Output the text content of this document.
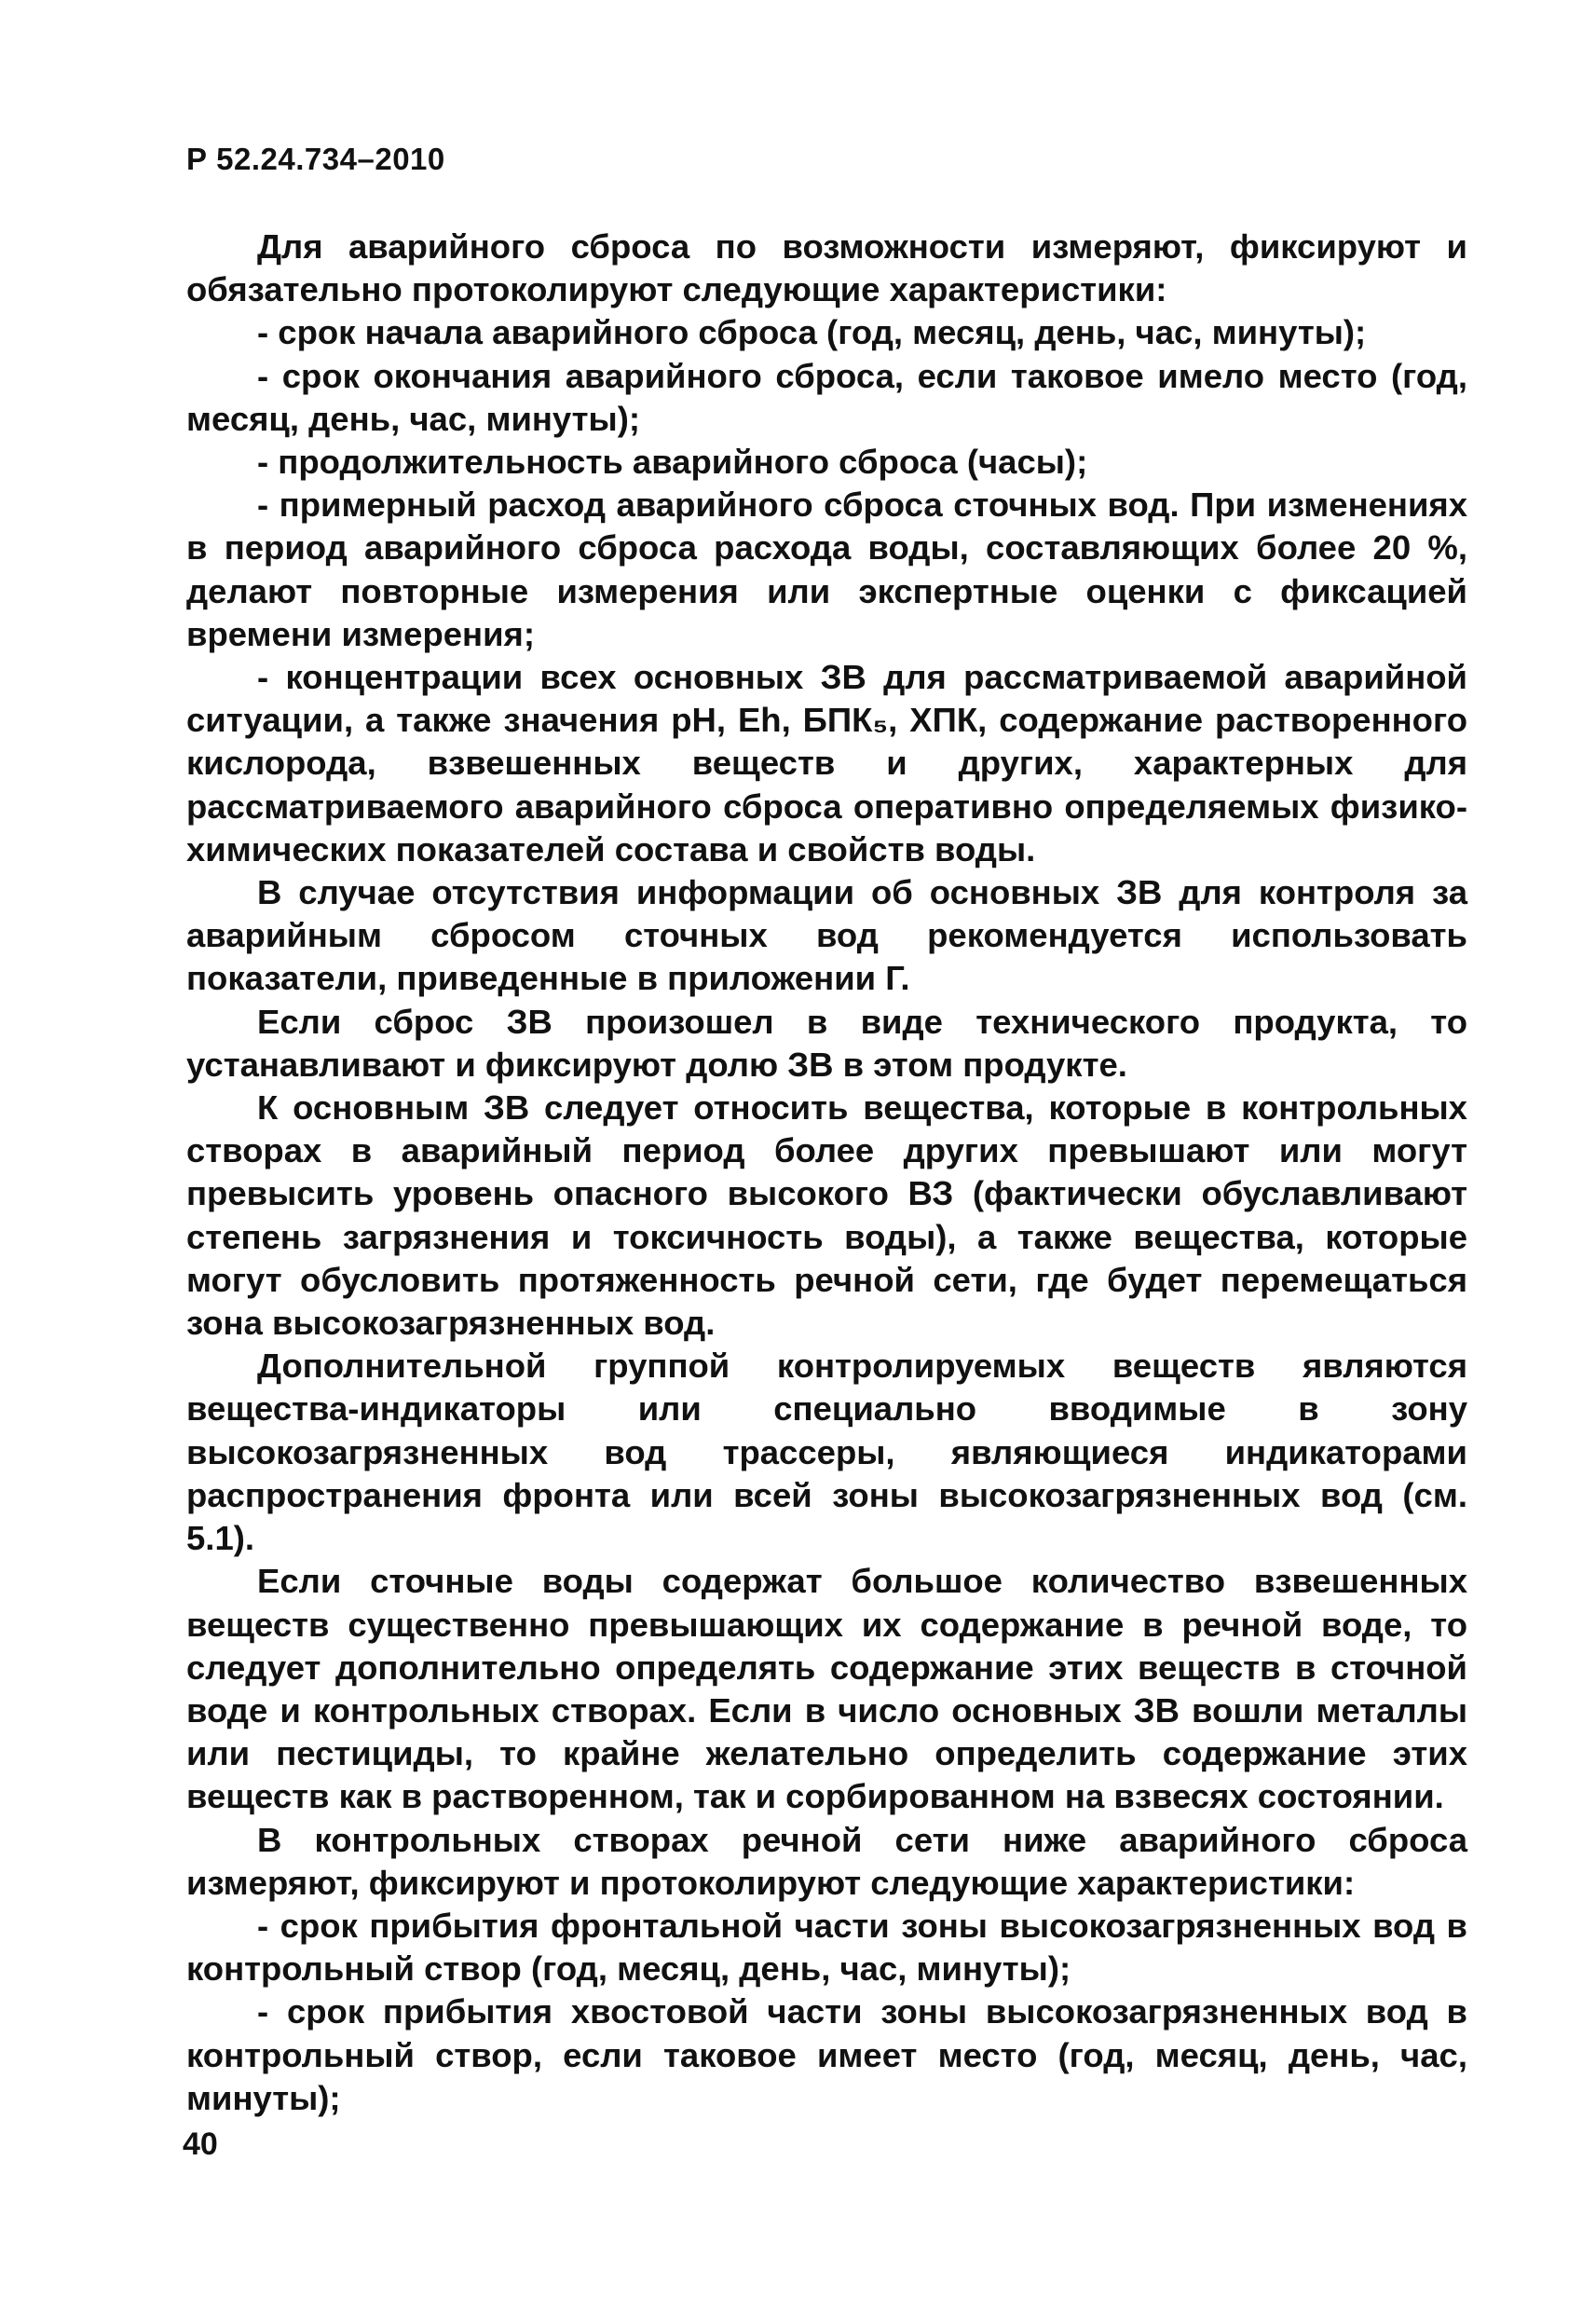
Р 52.24.734–2010

Для аварийного сброса по возможности измеряют, фиксируют и обязательно протоколируют следующие характеристики:

- срок начала аварийного сброса (год, месяц, день, час, минуты);

- срок окончания аварийного сброса, если таковое имело место (год, месяц, день, час, минуты);

- продолжительность аварийного сброса (часы);

- примерный расход аварийного сброса сточных вод. При изменениях в период аварийного сброса расхода воды, составляющих более 20 %, делают повторные измерения или экспертные оценки с фиксацией времени измерения;

- концентрации всех основных ЗВ для рассматриваемой аварийной ситуации, а также значения pH, Eh, БПК₅, ХПК, содержание растворенного кислорода, взвешенных веществ и других, характерных для рассматриваемого аварийного сброса оперативно определяемых физико-химических показателей состава и свойств воды.

В случае отсутствия информации об основных ЗВ для контроля за аварийным сбросом сточных вод рекомендуется использовать показатели, приведенные в приложении Г.

Если сброс ЗВ произошел в виде технического продукта, то устанавливают и фиксируют долю ЗВ в этом продукте.

К основным ЗВ следует относить вещества, которые в контрольных створах в аварийный период более других превышают или могут превысить уровень опасного высокого ВЗ (фактически обуславливают степень загрязнения и токсичность воды), а также вещества, которые могут обусловить протяженность речной сети, где будет перемещаться зона высокозагрязненных вод.

Дополнительной группой контролируемых веществ являются вещества-индикаторы или специально вводимые в зону высокозагрязненных вод трассеры, являющиеся индикаторами распространения фронта или всей зоны высокозагрязненных вод (см. 5.1).

Если сточные воды содержат большое количество взвешенных веществ существенно превышающих их содержание в речной воде, то следует дополнительно определять содержание этих веществ в сточной воде и контрольных створах. Если в число основных ЗВ вошли металлы или пестициды, то крайне желательно определить содержание этих веществ как в растворенном, так и сорбированном на взвесях состоянии.

В контрольных створах речной сети ниже аварийного сброса измеряют, фиксируют и протоколируют следующие характеристики:

- срок прибытия фронтальной части зоны высокозагрязненных вод в контрольный створ (год, месяц, день, час, минуты);

- срок прибытия хвостовой части зоны высокозагрязненных вод в контрольный створ, если таковое имеет место (год, месяц, день, час, минуты);

40
